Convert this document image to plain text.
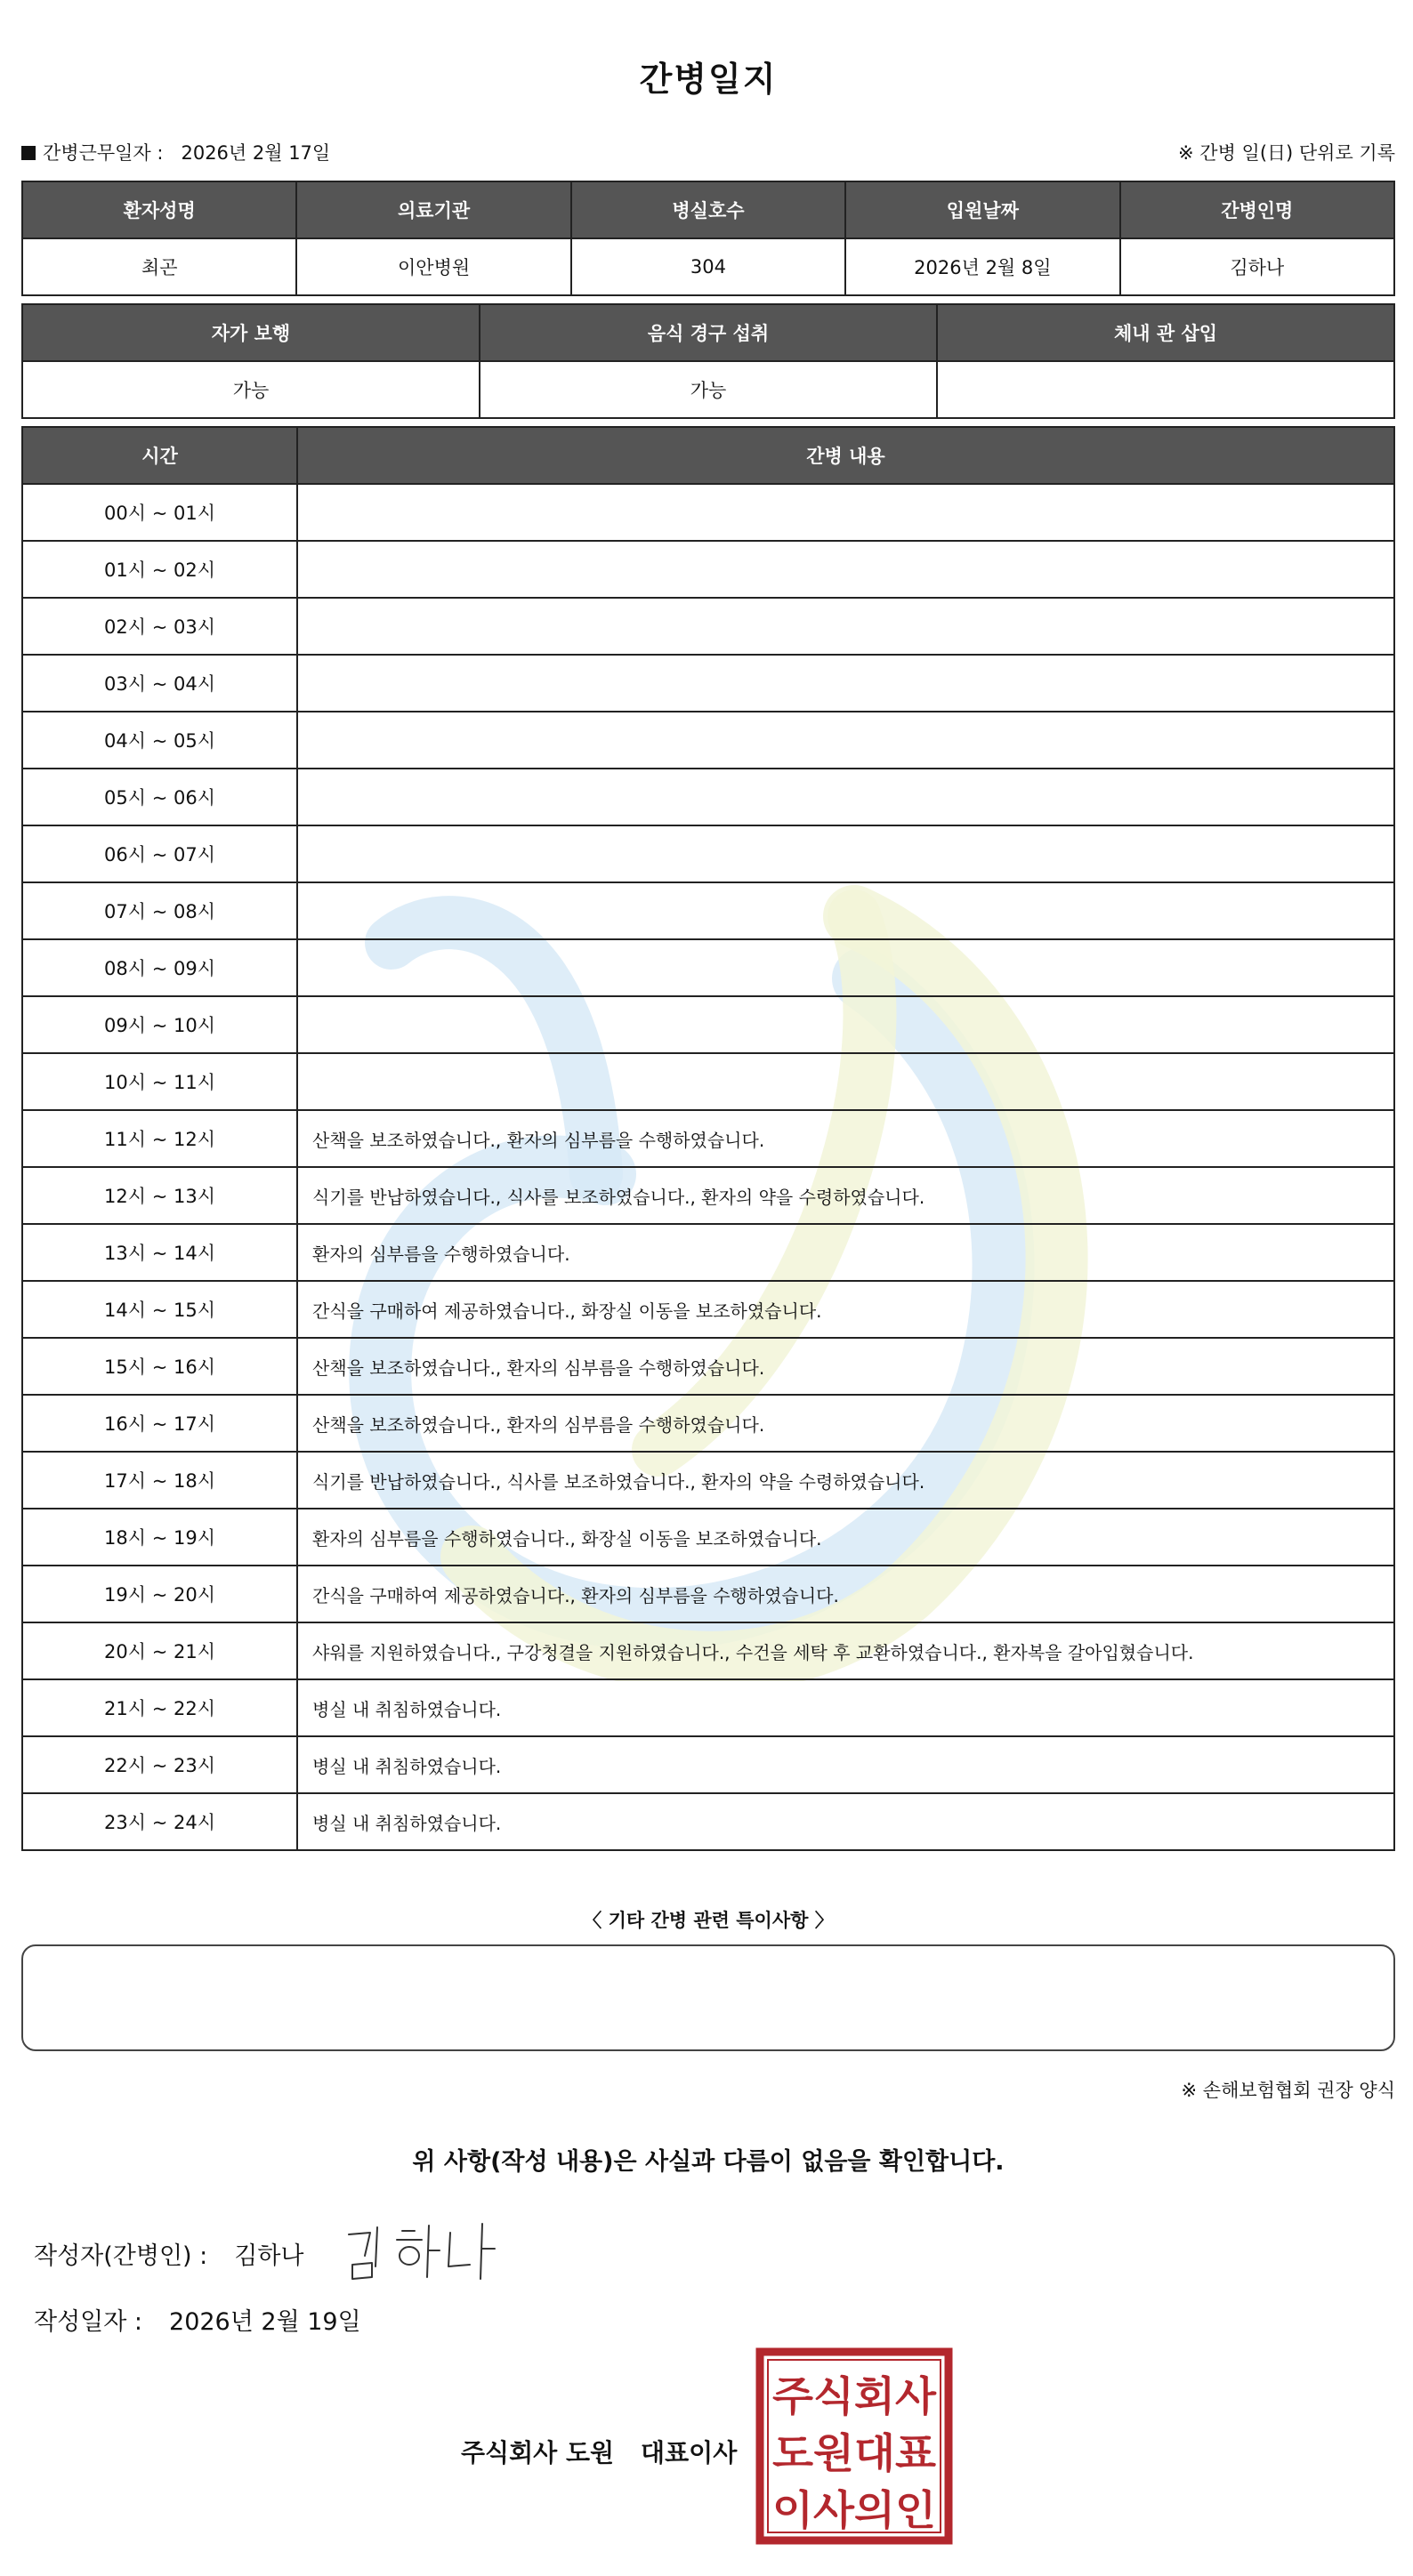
간병일지
간병근무일자 : 2026년 2월 17일	※ 간병 일(日) 단위로 기록
환자성명	의료기관	병실호수	입원날짜	간병인명
최곤	이안병원	304	2026년 2월 8일	김하나
자가 보행	음식 경구 섭취	체내 관 삽입
가능	가능	
시간	간병 내용
00시 ~ 01시	
01시 ~ 02시	
02시 ~ 03시	
03시 ~ 04시	
04시 ~ 05시	
05시 ~ 06시	
06시 ~ 07시	
07시 ~ 08시	
08시 ~ 09시	
09시 ~ 10시	
10시 ~ 11시	
11시 ~ 12시	산책을 보조하였습니다., 환자의 심부름을 수행하였습니다.
12시 ~ 13시	식기를 반납하였습니다., 식사를 보조하였습니다., 환자의 약을 수령하였습니다.
13시 ~ 14시	환자의 심부름을 수행하였습니다.
14시 ~ 15시	간식을 구매하여 제공하였습니다., 화장실 이동을 보조하였습니다.
15시 ~ 16시	산책을 보조하였습니다., 환자의 심부름을 수행하였습니다.
16시 ~ 17시	산책을 보조하였습니다., 환자의 심부름을 수행하였습니다.
17시 ~ 18시	식기를 반납하였습니다., 식사를 보조하였습니다., 환자의 약을 수령하였습니다.
18시 ~ 19시	환자의 심부름을 수행하였습니다., 화장실 이동을 보조하였습니다.
19시 ~ 20시	간식을 구매하여 제공하였습니다., 환자의 심부름을 수행하였습니다.
20시 ~ 21시	샤워를 지원하였습니다., 구강청결을 지원하였습니다., 수건을 세탁 후 교환하였습니다., 환자복을 갈아입혔습니다.
21시 ~ 22시	병실 내 취침하였습니다.
22시 ~ 23시	병실 내 취침하였습니다.
23시 ~ 24시	병실 내 취침하였습니다.
〈 기타 간병 관련 특이사항 〉
※ 손해보험협회 권장 양식
위 사항(작성 내용)은 사실과 다름이 없음을 확인합니다.
작성자(간병인) : 김하나
작성일자 : 2026년 2월 19일
주식회사 도원 대표이사
주식회사
도원대표
이사의인
